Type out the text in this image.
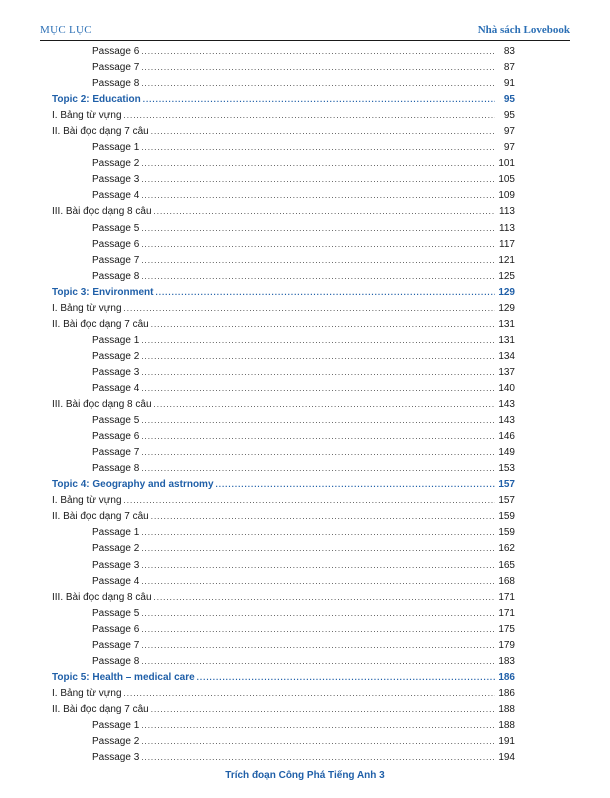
MỤC LỤC	Nhà sách Lovebook
Passage 6 .....	83
Passage 7 .....	87
Passage 8 .....	91
Topic 2: Education .....	95
I. Bảng từ vựng .....	95
II. Bài đọc dạng 7 câu .....	97
Passage 1 .....	97
Passage 2 .....	101
Passage 3 .....	105
Passage 4 .....	109
III. Bài đọc dạng 8 câu .....	113
Passage 5 .....	113
Passage 6 .....	117
Passage 7 .....	121
Passage 8 .....	125
Topic 3: Environment .....	129
I. Bảng từ vựng .....	129
II. Bài đọc dạng 7 câu .....	131
Passage 1 .....	131
Passage 2 .....	134
Passage 3 .....	137
Passage 4 .....	140
III. Bài đọc dạng 8 câu .....	143
Passage 5 .....	143
Passage 6 .....	146
Passage 7 .....	149
Passage 8 .....	153
Topic 4: Geography and astrnomy .....	157
I. Bảng từ vựng .....	157
II. Bài đọc dạng 7 câu .....	159
Passage 1 .....	159
Passage 2 .....	162
Passage 3 .....	165
Passage 4 .....	168
III. Bài đọc dạng 8 câu .....	171
Passage 5 .....	171
Passage 6 .....	175
Passage 7 .....	179
Passage 8 .....	183
Topic 5: Health – medical care .....	186
I. Bảng từ vựng .....	186
II. Bài đọc dạng 7 câu .....	188
Passage 1 .....	188
Passage 2 .....	191
Passage 3 .....	194
Trích đoạn Công Phá Tiếng Anh 3
